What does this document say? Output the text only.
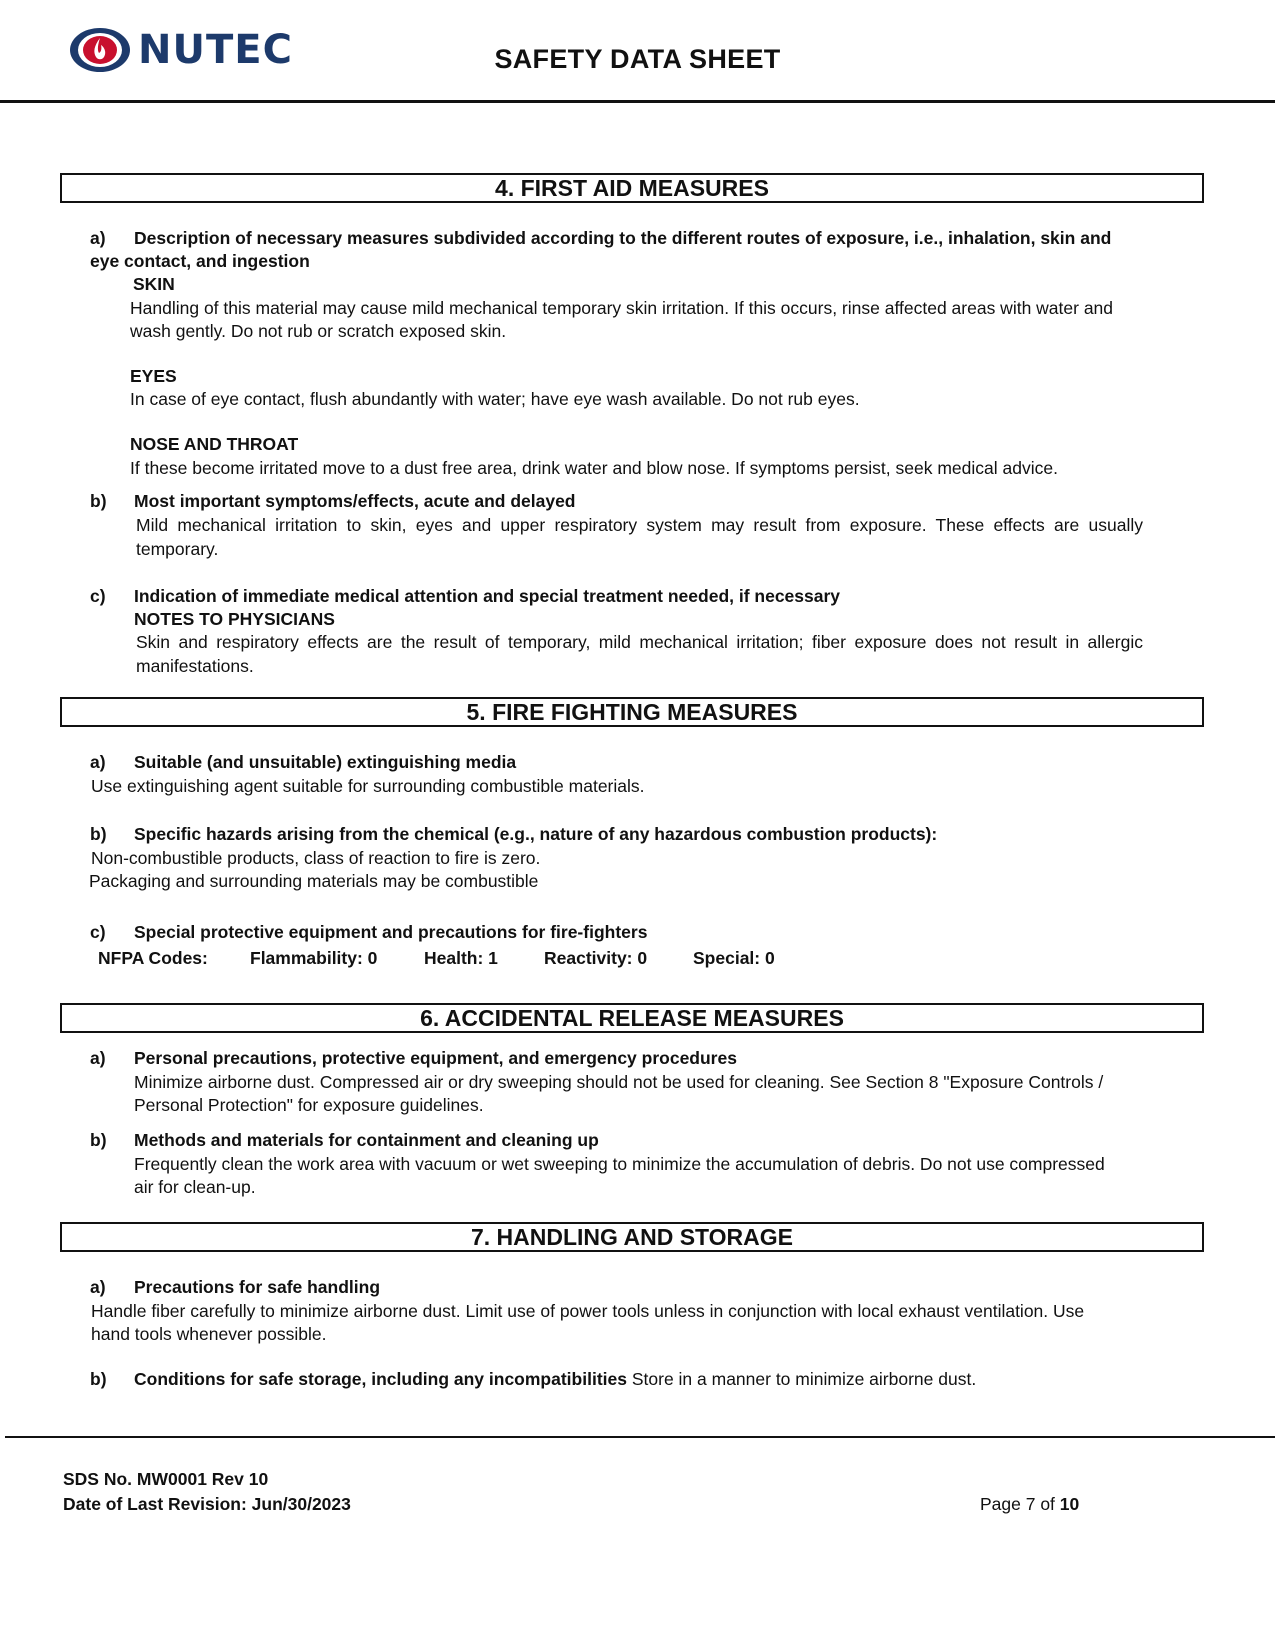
NUTEC	SAFETY DATA SHEET
4. FIRST AID MEASURES
a) Description of necessary measures subdivided according to the different routes of exposure, i.e., inhalation, skin and
eye contact, and ingestion
SKIN
Handling of this material may cause mild mechanical temporary skin irritation. If this occurs, rinse affected areas with water and
wash gently. Do not rub or scratch exposed skin.
EYES
In case of eye contact, flush abundantly with water; have eye wash available. Do not rub eyes.
NOSE AND THROAT
If these become irritated move to a dust free area, drink water and blow nose. If symptoms persist, seek medical advice.
b) Most important symptoms/effects, acute and delayed
Mild mechanical irritation to skin, eyes and upper respiratory system may result from exposure. These effects are usually temporary.
c) Indication of immediate medical attention and special treatment needed, if necessary
NOTES TO PHYSICIANS
Skin and respiratory effects are the result of temporary, mild mechanical irritation; fiber exposure does not result in allergic manifestations.
5. FIRE FIGHTING MEASURES
a) Suitable (and unsuitable) extinguishing media
Use extinguishing agent suitable for surrounding combustible materials.
b) Specific hazards arising from the chemical (e.g., nature of any hazardous combustion products):
Non-combustible products, class of reaction to fire is zero.
Packaging and surrounding materials may be combustible
c) Special protective equipment and precautions for fire-fighters
NFPA Codes: Flammability: 0	Health: 1	Reactivity: 0	Special: 0
6. ACCIDENTAL RELEASE MEASURES
a) Personal precautions, protective equipment, and emergency procedures
Minimize airborne dust. Compressed air or dry sweeping should not be used for cleaning. See Section 8 "Exposure Controls /
Personal Protection" for exposure guidelines.
b) Methods and materials for containment and cleaning up
Frequently clean the work area with vacuum or wet sweeping to minimize the accumulation of debris. Do not use compressed
air for clean-up.
7. HANDLING AND STORAGE
a) Precautions for safe handling
Handle fiber carefully to minimize airborne dust. Limit use of power tools unless in conjunction with local exhaust ventilation. Use
hand tools whenever possible.
b) Conditions for safe storage, including any incompatibilities Store in a manner to minimize airborne dust.
SDS No. MW0001 Rev 10
Date of Last Revision: Jun/30/2023	Page 7 of 10
